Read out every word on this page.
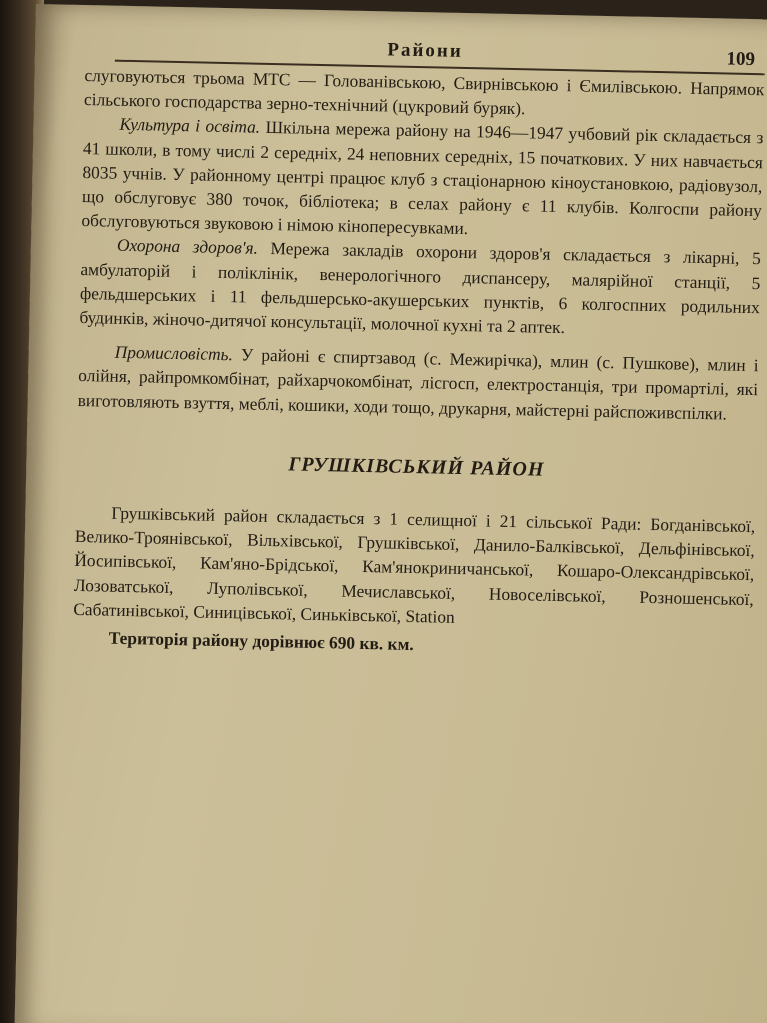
Райони	109

слуговуються трьома МТС — Голованівською, Свирнівською і Ємилівською. Напрямок сільського господарства зерно-технічний (цукровий буряк).

Культура і освіта. Шкільна мережа району на 1946—1947 учбовий рік складається з 41 школи, в тому числі 2 середніх, 24 неповних середніх, 15 початкових. У них навчається 8035 учнів. У районному центрі працює клуб з стаціонарною кіноустановкою, радіовузол, що обслуговує 380 точок, бібліотека; в селах району є 11 клубів. Колгоспи району обслуговуються звуковою і німою кінопересувками.

Охорона здоров'я. Мережа закладів охорони здоров'я складається з лікарні, 5 амбулаторій і поліклінік, венерологічного диспансеру, малярійної станції, 5 фельдшерських і 11 фельдшерсько-акушерських пунктів, 6 колгоспних родильних будинків, жіночо-дитячої консультації, молочної кухні та 2 аптек.

Промисловість. У районі є спиртзавод (с. Межирічка), млин (с. Пушкове), млин і олійня, райпромкомбінат, райхарчокомбінат, лісгосп, електростанція, три промартілі, які виготовляють взуття, меблі, кошики, ходи тощо, друкарня, майстерні райспоживспілки.

ГРУШКІВСЬКИЙ РАЙОН

Грушківський район складається з 1 селищної і 21 сільської Ради: Богданівської, Велико-Троянівської, Вільхівської, Грушківської, Данило-Балківської, Дельфінівської, Йосипівської, Кам'яно-Брідської, Кам'янокриничанської, Кошаро-Олександрівської, Лозоватської, Луполівської, Мечиславської, Новоселівської, Розношенської, Сабатинівської, Синицівської, Синьківської, Station

Територія району дорівнює 690 кв. км.
